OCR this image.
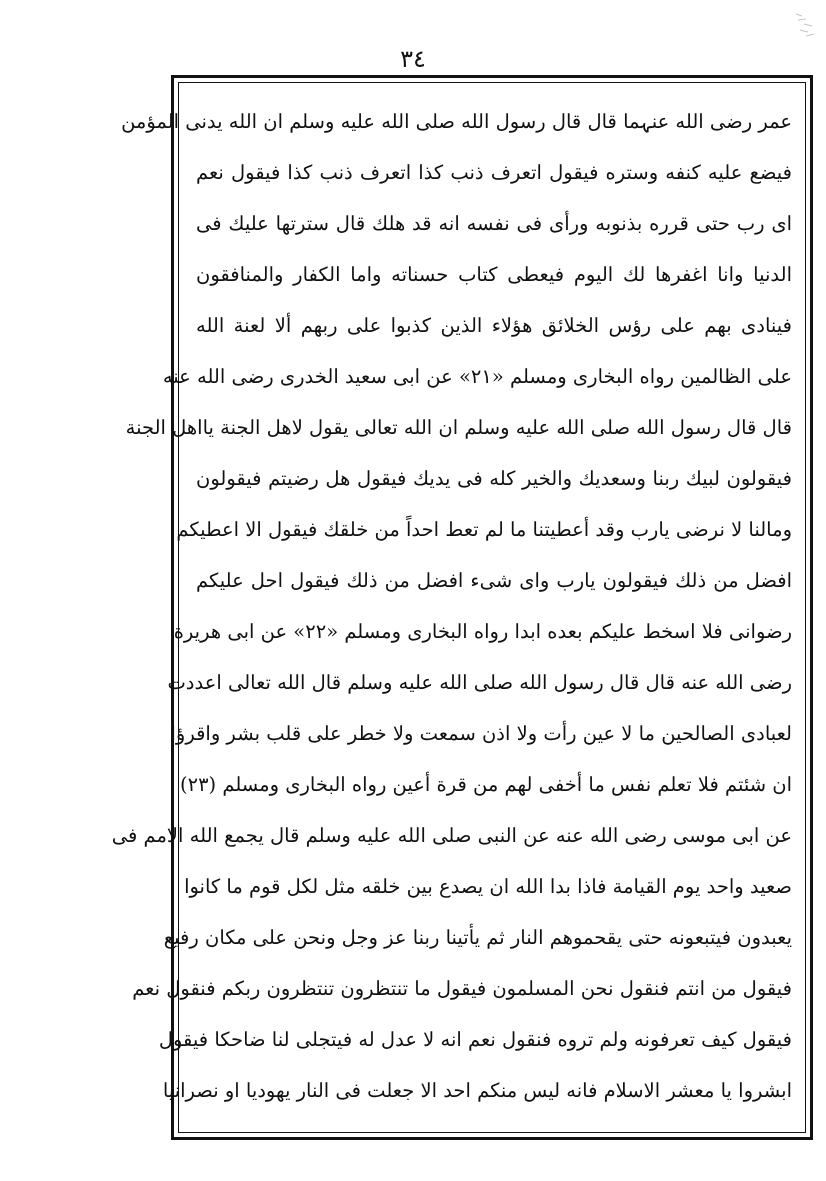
٣٤
عمر رضی الله عنہما قال قال رسول الله صلی الله علیه وسلم ان الله یدنی المؤمن
فیضع علیه کنفه وستره فیقول اتعرف ذنب کذا اتعرف ذنب کذا فیقول نعم
ای رب حتی قرره بذنوبه ورأی فی نفسه انه قد هلك قال سترتها علیك فی
الدنیا وانا اغفرها لك الیوم فیعطی کتاب حسناته واما الکفار والمنافقون
فینادی بهم علی رؤس الخلائق هؤلاء الذین کذبوا علی ربهم ألا لعنة الله
علی الظالمین رواه البخاری ومسلم «٢١» عن ابی سعید الخدری رضی الله عنه
قال قال رسول الله صلی الله علیه وسلم ان الله تعالی یقول لاهل الجنة یااهل الجنة
فیقولون لبیك ربنا وسعدیك والخیر كله فی یدیك فیقول هل رضیتم فیقولون
ومالنا لا نرضی یارب وقد أعطیتنا ما لم تعط احداً من خلقك فیقول الا اعطیکم
افضل من ذلك فیقولون یارب وای شیء افضل من ذلك فیقول احل علیکم
رضوانی فلا اسخط علیکم بعده ابدا رواه البخاری ومسلم «٢٢» عن ابی هریرة
رضی الله عنه قال قال رسول الله صلی الله علیه وسلم قال الله تعالی اعددت
لعبادی الصالحین ما لا عین رأت ولا اذن سمعت ولا خطر علی قلب بشر واقرؤا
ان شئتم فلا تعلم نفس ما أخفی لهم من قرة أعین رواه البخاری ومسلم (٢٣)
عن ابی موسی رضی الله عنه عن النبی صلی الله علیه وسلم قال یجمع الله الامم فی
صعید واحد یوم القیامة فاذا بدا الله ان یصدع بین خلقه مثل لکل قوم ما کانوا
یعبدون فیتبعونه حتی یقحموهم النار ثم یأتینا ربنا عز وجل ونحن علی مکان رفیع
فیقول من انتم فنقول نحن المسلمون فیقول ما تنتظرون تنتظرون ربکم فنقول نعم
فیقول کیف تعرفونه ولم تروه فنقول نعم انه لا عدل له فیتجلی لنا ضاحکا فیقول
ابشروا یا معشر الاسلام فانه لیس منکم احد الا جعلت فی النار یهودیا او نصرانیا
